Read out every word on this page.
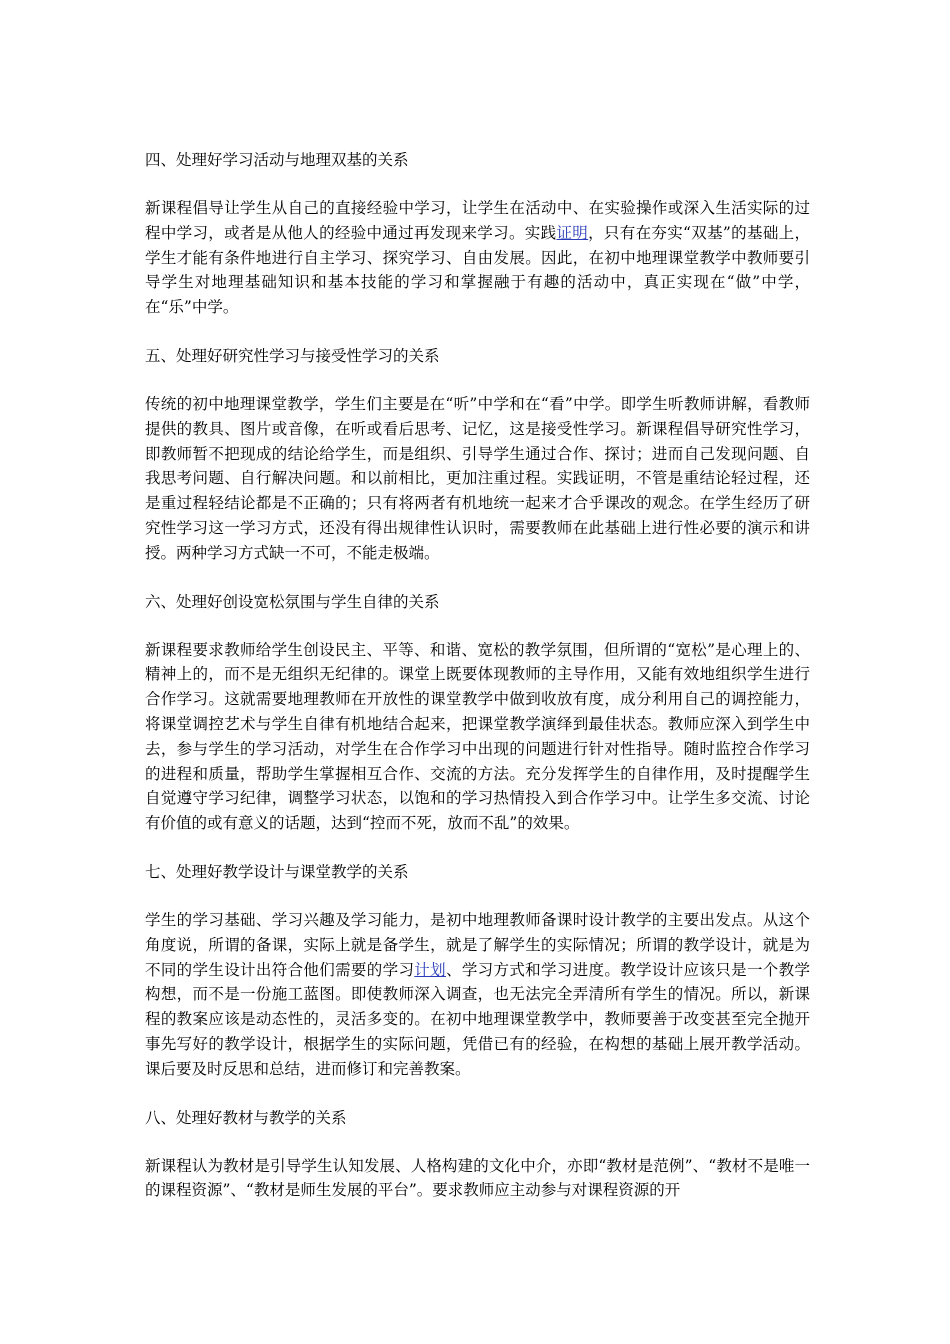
四、处理好学习活动与地理双基的关系
新课程倡导让学生从自己的直接经验中学习，让学生在活动中、在实验操作或深入生活实际的过程中学习，或者是从他人的经验中通过再发现来学习。实践证明，只有在夯实“双基”的基础上，学生才能有条件地进行自主学习、探究学习、自由发展。因此，在初中地理课堂教学中教师要引导学生对地理基础知识和基本技能的学习和掌握融于有趣的活动中，真正实现在“做”中学，在“乐”中学。
五、处理好研究性学习与接受性学习的关系
传统的初中地理课堂教学，学生们主要是在“听”中学和在“看”中学。即学生听教师讲解，看教师提供的教具、图片或音像，在听或看后思考、记忆，这是接受性学习。新课程倡导研究性学习，即教师暂不把现成的结论给学生，而是组织、引导学生通过合作、探讨；进而自己发现问题、自我思考问题、自行解决问题。和以前相比，更加注重过程。实践证明，不管是重结论轻过程，还是重过程轻结论都是不正确的；只有将两者有机地统一起来才合乎课改的观念。在学生经历了研究性学习这一学习方式，还没有得出规律性认识时，需要教师在此基础上进行性必要的演示和讲授。两种学习方式缺一不可，不能走极端。
六、处理好创设宽松氛围与学生自律的关系
新课程要求教师给学生创设民主、平等、和谐、宽松的教学氛围，但所谓的“宽松”是心理上的、精神上的，而不是无组织无纪律的。课堂上既要体现教师的主导作用，又能有效地组织学生进行合作学习。这就需要地理教师在开放性的课堂教学中做到收放有度，成分利用自己的调控能力，将课堂调控艺术与学生自律有机地结合起来，把课堂教学演绎到最佳状态。教师应深入到学生中去，参与学生的学习活动，对学生在合作学习中出现的问题进行针对性指导。随时监控合作学习的进程和质量，帮助学生掌握相互合作、交流的方法。充分发挥学生的自律作用，及时提醒学生自觉遵守学习纪律，调整学习状态，以饱和的学习热情投入到合作学习中。让学生多交流、讨论有价值的或有意义的话题，达到“控而不死，放而不乱”的效果。
七、处理好教学设计与课堂教学的关系
学生的学习基础、学习兴趣及学习能力，是初中地理教师备课时设计教学的主要出发点。从这个角度说，所谓的备课，实际上就是备学生，就是了解学生的实际情况；所谓的教学设计，就是为不同的学生设计出符合他们需要的学习计划、学习方式和学习进度。教学设计应该只是一个教学构想，而不是一份施工蓝图。即使教师深入调查，也无法完全弄清所有学生的情况。所以，新课程的教案应该是动态性的，灵活多变的。在初中地理课堂教学中，教师要善于改变甚至完全抛开事先写好的教学设计，根据学生的实际问题，凭借已有的经验，在构想的基础上展开教学活动。课后要及时反思和总结，进而修订和完善教案。
八、处理好教材与教学的关系
新课程认为教材是引导学生认知发展、人格构建的文化中介，亦即“教材是范例”、“教材不是唯一的课程资源”、“教材是师生发展的平台”。要求教师应主动参与对课程资源的开
